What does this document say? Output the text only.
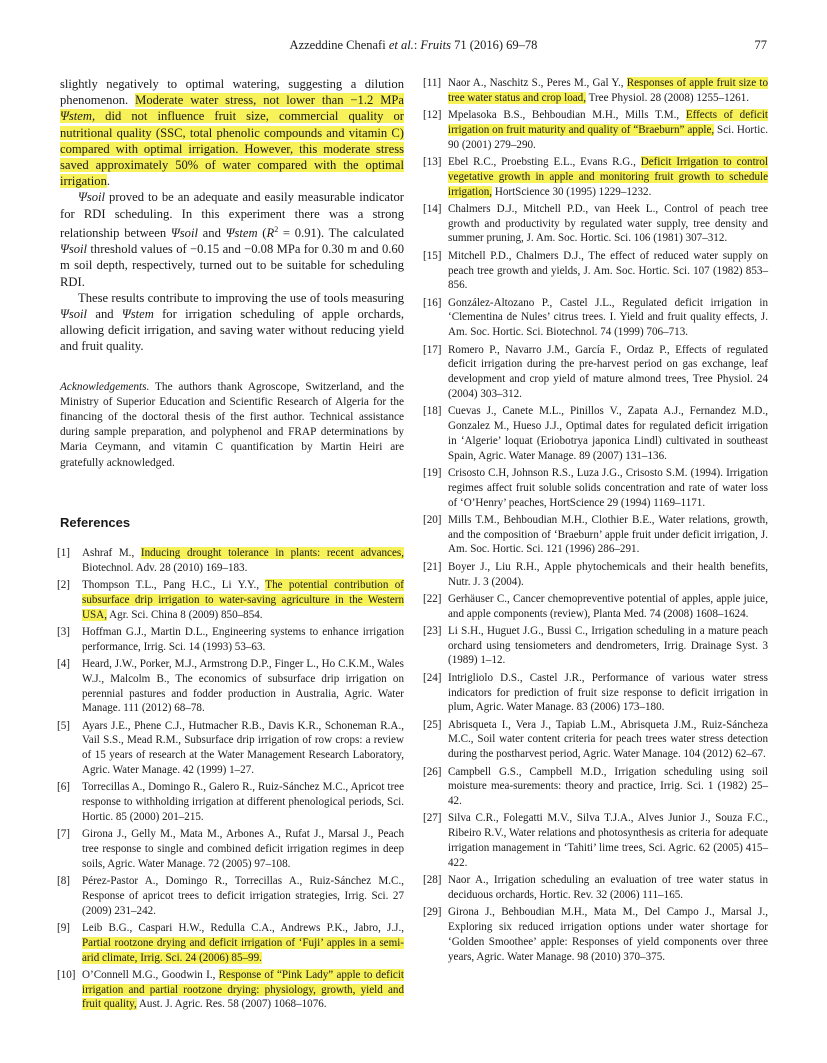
Azzeddine Chenafi et al.: Fruits 71 (2016) 69–78	77

slightly negatively to optimal watering, suggesting a dilution phenomenon. Moderate water stress, not lower than −1.2 MPa Ψstem, did not influence fruit size, commercial quality or nutritional quality (SSC, total phenolic compounds and vitamin C) compared with optimal irrigation. However, this moderate stress saved approximately 50% of water compared with the optimal irrigation.

Ψsoil proved to be an adequate and easily measurable indicator for RDI scheduling. In this experiment there was a strong relationship between Ψsoil and Ψstem $(R^2 = 0.91)$. The calculated Ψsoil threshold values of −0.15 and −0.08 MPa for 0.30 m and 0.60 m soil depth, respectively, turned out to be suitable for scheduling RDI.

These results contribute to improving the use of tools measuring Ψsoil and Ψstem for irrigation scheduling of apple orchards, allowing deficit irrigation, and saving water without reducing yield and fruit quality.

Acknowledgements. The authors thank Agroscope, Switzerland, and the Ministry of Superior Education and Scientific Research of Algeria for the financing of the doctoral thesis of the first author. Technical assistance during sample preparation, and polyphenol and FRAP determinations by Maria Ceymann, and vitamin C quantification by Martin Heiri are gratefully acknowledged.

References
[1] Ashraf M., Inducing drought tolerance in plants: recent advances, Biotechnol. Adv. 28 (2010) 169–183.
[2] Thompson T.L., Pang H.C., Li Y.Y., The potential contribution of subsurface drip irrigation to water-saving agriculture in the Western USA, Agr. Sci. China 8 (2009) 850–854.
[3] Hoffman G.J., Martin D.L., Engineering systems to enhance irrigation performance, Irrig. Sci. 14 (1993) 53–63.
[4] Heard, J.W., Porker, M.J., Armstrong D.P., Finger L., Ho C.K.M., Wales W.J., Malcolm B., The economics of subsurface drip irrigation on perennial pastures and fodder production in Australia, Agric. Water Manage. 111 (2012) 68–78.
[5] Ayars J.E., Phene C.J., Hutmacher R.B., Davis K.R., Schoneman R.A., Vail S.S., Mead R.M., Subsurface drip irrigation of row crops: a review of 15 years of research at the Water Management Research Laboratory, Agric. Water Manage. 42 (1999) 1–27.
[6] Torrecillas A., Domingo R., Galero R., Ruiz-Sánchez M.C., Apricot tree response to withholding irrigation at different phenological periods, Sci. Hortic. 85 (2000) 201–215.
[7] Girona J., Gelly M., Mata M., Arbones A., Rufat J., Marsal J., Peach tree response to single and combined deficit irrigation regimes in deep soils, Agric. Water Manage. 72 (2005) 97–108.
[8] Pérez-Pastor A., Domingo R., Torrecillas A., Ruiz-Sánchez M.C., Response of apricot trees to deficit irrigation strategies, Irrig. Sci. 27 (2009) 231–242.
[9] Leib B.G., Caspari H.W., Redulla C.A., Andrews P.K., Jabro, J.J., Partial rootzone drying and deficit irrigation of ‘Fuji’ apples in a semi-arid climate, Irrig. Sci. 24 (2006) 85–99.
[10] O’Connell M.G., Goodwin I., Response of “Pink Lady” apple to deficit irrigation and partial rootzone drying: physiology, growth, yield and fruit quality, Aust. J. Agric. Res. 58 (2007) 1068–1076.
[11] Naor A., Naschitz S., Peres M., Gal Y., Responses of apple fruit size to tree water status and crop load, Tree Physiol. 28 (2008) 1255–1261.
[12] Mpelasoka B.S., Behboudian M.H., Mills T.M., Effects of deficit irrigation on fruit maturity and quality of “Braeburn” apple, Sci. Hortic. 90 (2001) 279–290.
[13] Ebel R.C., Proebsting E.L., Evans R.G., Deficit Irrigation to control vegetative growth in apple and monitoring fruit growth to schedule irrigation, HortScience 30 (1995) 1229–1232.
[14] Chalmers D.J., Mitchell P.D., van Heek L., Control of peach tree growth and productivity by regulated water supply, tree density and summer pruning, J. Am. Soc. Hortic. Sci. 106 (1981) 307–312.
[15] Mitchell P.D., Chalmers D.J., The effect of reduced water supply on peach tree growth and yields, J. Am. Soc. Hortic. Sci. 107 (1982) 853–856.
[16] González-Altozano P., Castel J.L., Regulated deficit irrigation in ‘Clementina de Nules’ citrus trees. I. Yield and fruit quality effects, J. Am. Soc. Hortic. Sci. Biotechnol. 74 (1999) 706–713.
[17] Romero P., Navarro J.M., García F., Ordaz P., Effects of regulated deficit irrigation during the pre-harvest period on gas exchange, leaf development and crop yield of mature almond trees, Tree Physiol. 24 (2004) 303–312.
[18] Cuevas J., Canete M.L., Pinillos V., Zapata A.J., Fernandez M.D., Gonzalez M., Hueso J.J., Optimal dates for regulated deficit irrigation in ‘Algerie’ loquat (Eriobotrya japonica Lindl) cultivated in southeast Spain, Agric. Water Manage. 89 (2007) 131–136.
[19] Crisosto C.H, Johnson R.S., Luza J.G., Crisosto S.M. (1994). Irrigation regimes affect fruit soluble solids concentration and rate of water loss of ‘O’Henry’ peaches, HortScience 29 (1994) 1169–1171.
[20] Mills T.M., Behboudian M.H., Clothier B.E., Water relations, growth, and the composition of ‘Braeburn’ apple fruit under deficit irrigation, J. Am. Soc. Hortic. Sci. 121 (1996) 286–291.
[21] Boyer J., Liu R.H., Apple phytochemicals and their health benefits, Nutr. J. 3 (2004).
[22] Gerhäuser C., Cancer chemopreventive potential of apples, apple juice, and apple components (review), Planta Med. 74 (2008) 1608–1624.
[23] Li S.H., Huguet J.G., Bussi C., Irrigation scheduling in a mature peach orchard using tensiometers and dendrometers, Irrig. Drainage Syst. 3 (1989) 1–12.
[24] Intrigliolo D.S., Castel J.R., Performance of various water stress indicators for prediction of fruit size response to deficit irrigation in plum, Agric. Water Manage. 83 (2006) 173–180.
[25] Abrisqueta I., Vera J., Tapiab L.M., Abrisqueta J.M., Ruiz-Sáncheza M.C., Soil water content criteria for peach trees water stress detection during the postharvest period, Agric. Water Manage. 104 (2012) 62–67.
[26] Campbell G.S., Campbell M.D., Irrigation scheduling using soil moisture mea-surements: theory and practice, Irrig. Sci. 1 (1982) 25–42.
[27] Silva C.R., Folegatti M.V., Silva T.J.A., Alves Junior J., Souza F.C., Ribeiro R.V., Water relations and photosynthesis as criteria for adequate irrigation management in ‘Tahiti’ lime trees, Sci. Agric. 62 (2005) 415–422.
[28] Naor A., Irrigation scheduling an evaluation of tree water status in deciduous orchards, Hortic. Rev. 32 (2006) 111–165.
[29] Girona J., Behboudian M.H., Mata M., Del Campo J., Marsal J., Exploring six reduced irrigation options under water shortage for ‘Golden Smoothee’ apple: Responses of yield components over three years, Agric. Water Manage. 98 (2010) 370–375.
